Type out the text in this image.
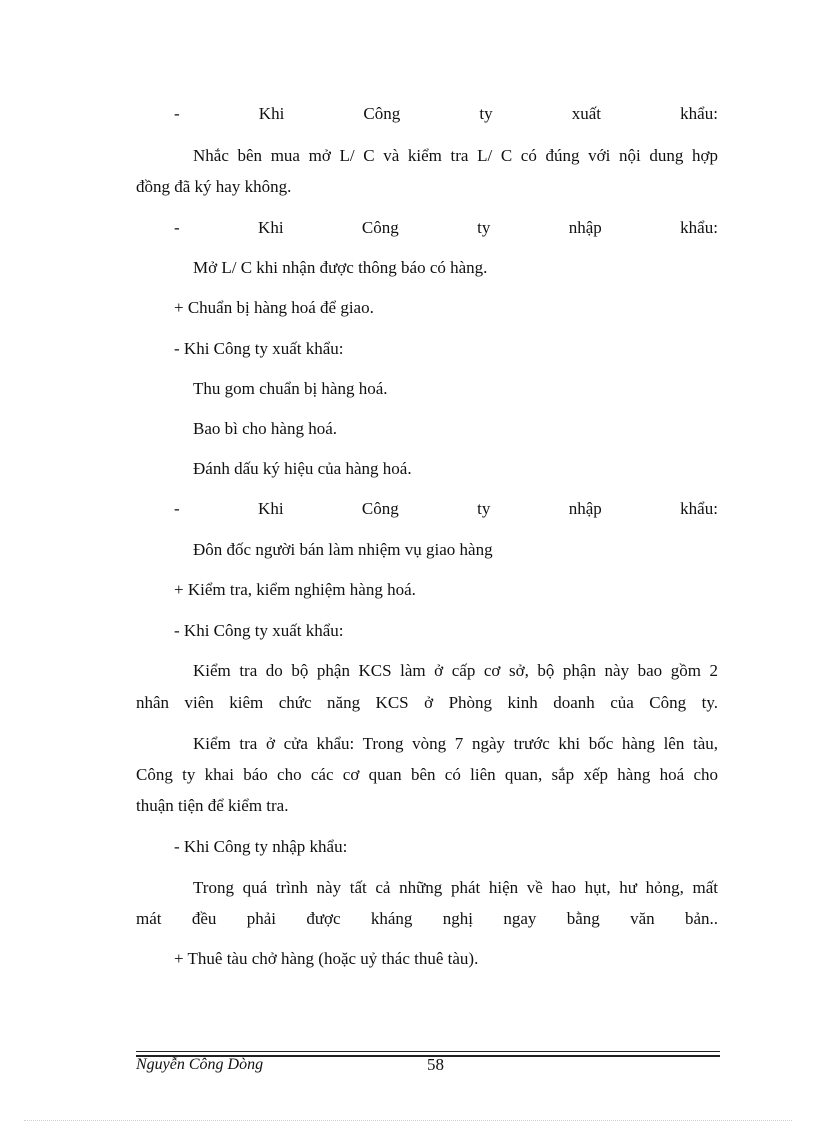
-	Khi	Công	ty	xuất	khẩu:
Nhắc bên mua mở L/ C và kiểm tra L/ C có đúng với nội dung hợp
đồng đã ký hay không.
-	Khi	Công	ty	nhập	khẩu:
Mở L/ C khi nhận được thông báo có hàng.
+ Chuẩn bị hàng hoá để giao.
- Khi Công ty xuất khẩu:
Thu gom chuẩn bị hàng hoá.
Bao bì cho hàng hoá.
Đánh dấu ký hiệu của hàng hoá.
-	Khi	Công	ty	nhập	khẩu:
Đôn đốc người bán làm nhiệm vụ giao hàng
+ Kiểm tra, kiểm nghiệm hàng hoá.
- Khi Công ty xuất khẩu:
Kiểm tra do bộ phận KCS làm ở cấp cơ sở, bộ phận này bao gồm 2
nhân viên kiêm chức năng KCS ở Phòng kinh doanh của Công ty.
Kiểm tra ở cửa khẩu: Trong vòng 7 ngày trước khi bốc hàng lên tàu,
Công ty khai báo cho các cơ quan bên có liên quan, sắp xếp hàng hoá cho
thuận tiện để kiểm tra.
- Khi Công ty nhập khẩu:
Trong quá trình này tất cả những phát hiện về hao hụt, hư hỏng, mất
mát đều phải được kháng nghị ngay bằng văn bản..
+ Thuê tàu chở hàng (hoặc uỷ thác thuê tàu).
Nguyễn Công Dòng	58
